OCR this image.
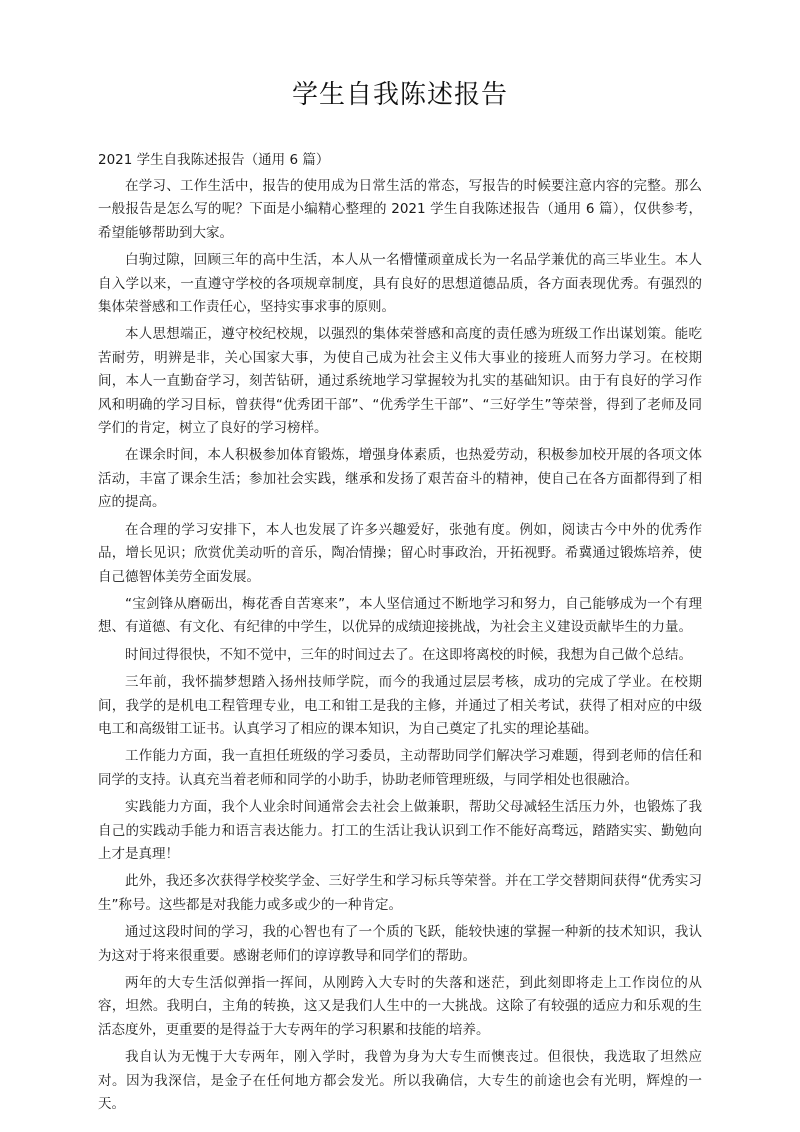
学生自我陈述报告

2021 学生自我陈述报告（通用 6 篇）

在学习、工作生活中，报告的使用成为日常生活的常态，写报告的时候要注意内容的完整。那么一般报告是怎么写的呢？下面是小编精心整理的 2021 学生自我陈述报告（通用 6 篇），仅供参考，希望能够帮助到大家。

白驹过隙，回顾三年的高中生活，本人从一名懵懂顽童成长为一名品学兼优的高三毕业生。本人自入学以来，一直遵守学校的各项规章制度，具有良好的思想道德品质，各方面表现优秀。有强烈的集体荣誉感和工作责任心，坚持实事求事的原则。

本人思想端正，遵守校纪校规，以强烈的集体荣誉感和高度的责任感为班级工作出谋划策。能吃苦耐劳，明辨是非，关心国家大事，为使自己成为社会主义伟大事业的接班人而努力学习。在校期间，本人一直勤奋学习，刻苦钻研，通过系统地学习掌握较为扎实的基础知识。由于有良好的学习作风和明确的学习目标，曾获得“优秀团干部”、“优秀学生干部”、“三好学生”等荣誉，得到了老师及同学们的肯定，树立了良好的学习榜样。

在课余时间，本人积极参加体育锻炼，增强身体素质，也热爱劳动，积极参加校开展的各项文体活动，丰富了课余生活；参加社会实践，继承和发扬了艰苦奋斗的精神，使自己在各方面都得到了相应的提高。

在合理的学习安排下，本人也发展了许多兴趣爱好，张弛有度。例如，阅读古今中外的优秀作品，增长见识；欣赏优美动听的音乐，陶冶情操；留心时事政治，开拓视野。希冀通过锻炼培养，使自己德智体美劳全面发展。

“宝剑锋从磨砺出，梅花香自苦寒来”，本人坚信通过不断地学习和努力，自己能够成为一个有理想、有道德、有文化、有纪律的中学生，以优异的成绩迎接挑战，为社会主义建设贡献毕生的力量。

时间过得很快，不知不觉中，三年的时间过去了。在这即将离校的时候，我想为自己做个总结。

三年前，我怀揣梦想踏入扬州技师学院，而今的我通过层层考核，成功的完成了学业。在校期间，我学的是机电工程管理专业，电工和钳工是我的主修，并通过了相关考试，获得了相对应的中级电工和高级钳工证书。认真学习了相应的课本知识，为自己奠定了扎实的理论基础。

工作能力方面，我一直担任班级的学习委员，主动帮助同学们解决学习难题，得到老师的信任和同学的支持。认真充当着老师和同学的小助手，协助老师管理班级，与同学相处也很融洽。

实践能力方面，我个人业余时间通常会去社会上做兼职，帮助父母减轻生活压力外，也锻炼了我自己的实践动手能力和语言表达能力。打工的生活让我认识到工作不能好高骛远，踏踏实实、勤勉向上才是真理！

此外，我还多次获得学校奖学金、三好学生和学习标兵等荣誉。并在工学交替期间获得“优秀实习生”称号。这些都是对我能力或多或少的一种肯定。

通过这段时间的学习，我的心智也有了一个质的飞跃，能较快速的掌握一种新的技术知识，我认为这对于将来很重要。感谢老师们的谆谆教导和同学们的帮助。

两年的大专生活似弹指一挥间，从刚跨入大专时的失落和迷茫，到此刻即将走上工作岗位的从容，坦然。我明白，主角的转换，这又是我们人生中的一大挑战。这除了有较强的适应力和乐观的生活态度外，更重要的是得益于大专两年的学习积累和技能的培养。

我自认为无愧于大专两年，刚入学时，我曾为身为大专生而懊丧过。但很快，我选取了坦然应对。因为我深信，是金子在任何地方都会发光。所以我确信，大专生的前途也会有光明，辉煌的一天。
